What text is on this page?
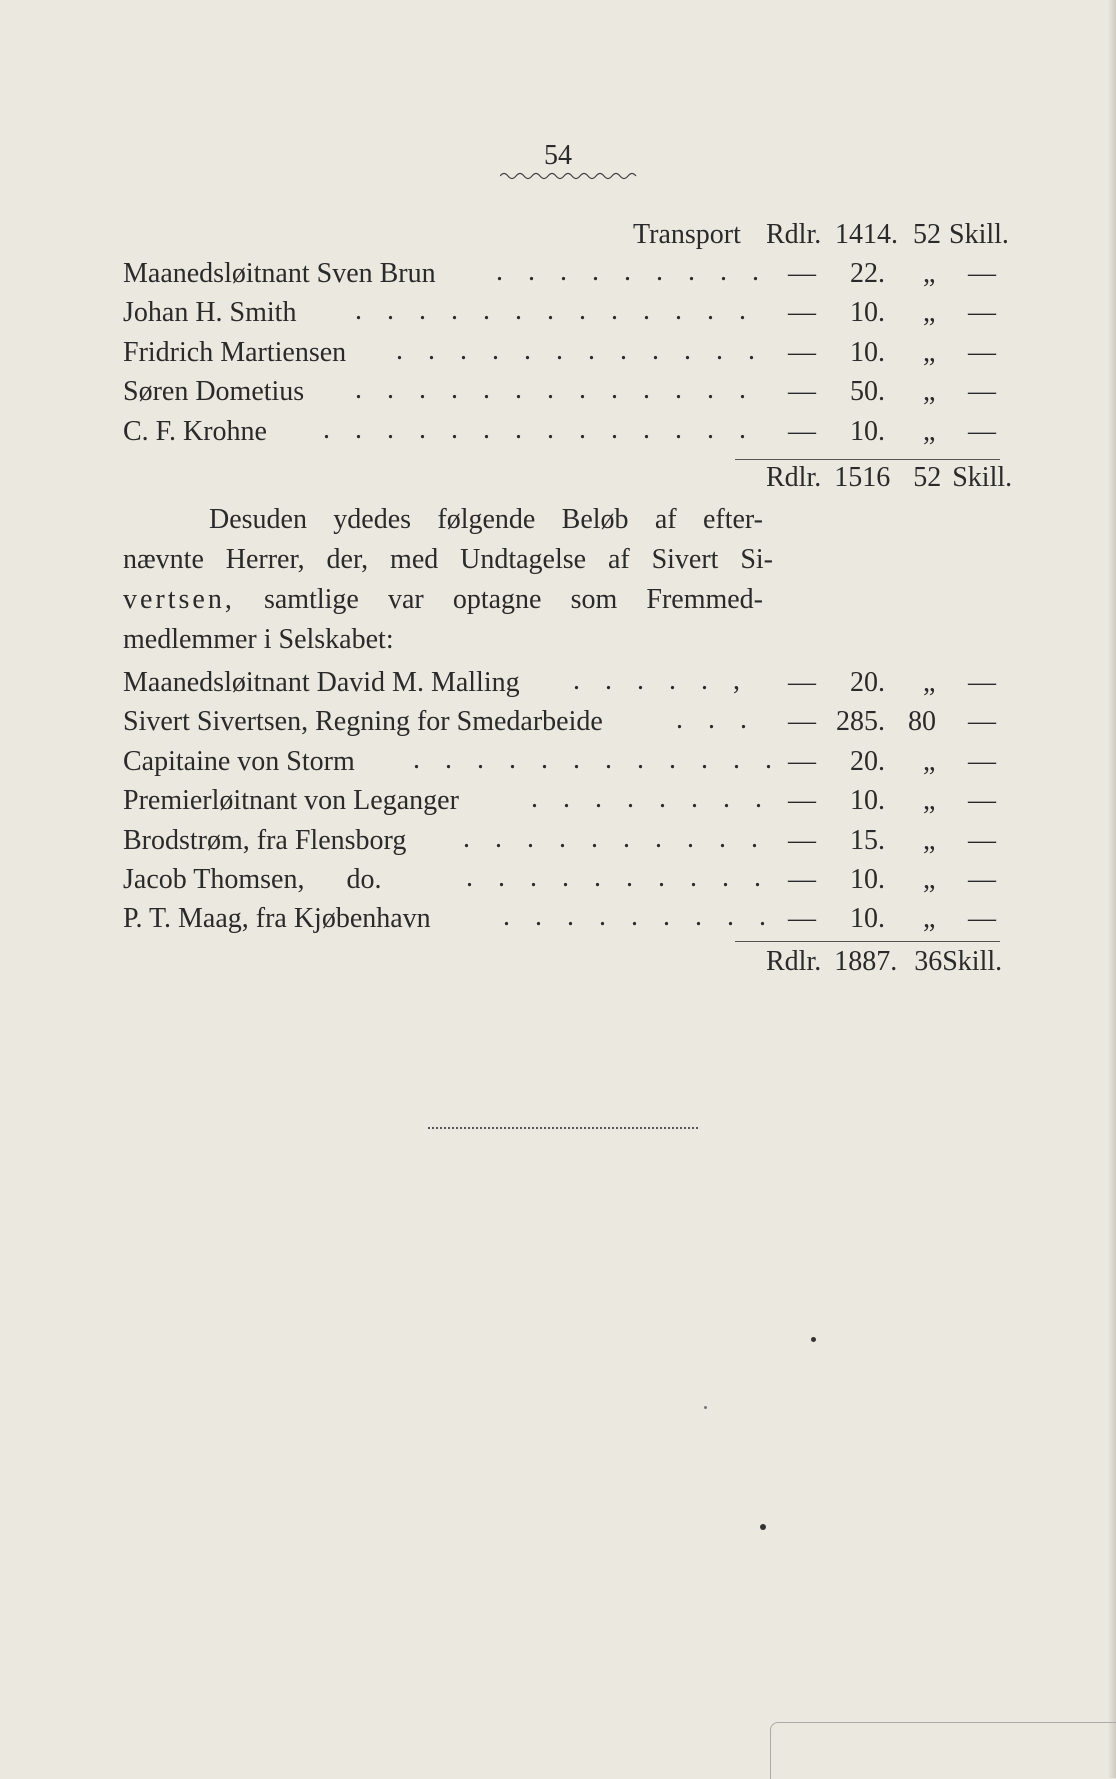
54
Transport Rdlr. 1414. 52 Skill.
Maanedsløitnant Sven Brun . . . . . . . . . — 22. „ —
Johan H. Smith . . . . . . . . . . . . . — 10. „ —
Fridrich Martiensen . . . . . . . . . . . . — 10. „ —
Søren Dometius . . . . . . . . . . . . . — 50. „ —
C. F. Krohne . . . . . . . . . . . . . . — 10. „ —
Rdlr. 1516 52 Skill.
Desuden ydedes følgende Beløb af efter-
nævnte Herrer, der, med Undtagelse af Sivert Si-
vertsen, samtlige var optagne som Fremmed-
medlemmer i Selskabet:
Maanedsløitnant David M. Malling . . . . . , — 20. „ —
Sivert Sivertsen, Regning for Smedarbeide	. . . — 285. 80 —
Capitaine von Storm . . . . . . . . . . . . — 20. „ —
Premierløitnant von Leganger	. . . . . . . . — 10. „ —
Brodstrøm, fra Flensborg . . . . . . . . . . — 15. „ —
Jacob Thomsen,      do.	. . . . . . . . . . — 10. „ —
P. T. Maag, fra Kjøbenhavn	. . . . . . . . . — 10. „ —
Rdlr. 1887. 36Skill.
